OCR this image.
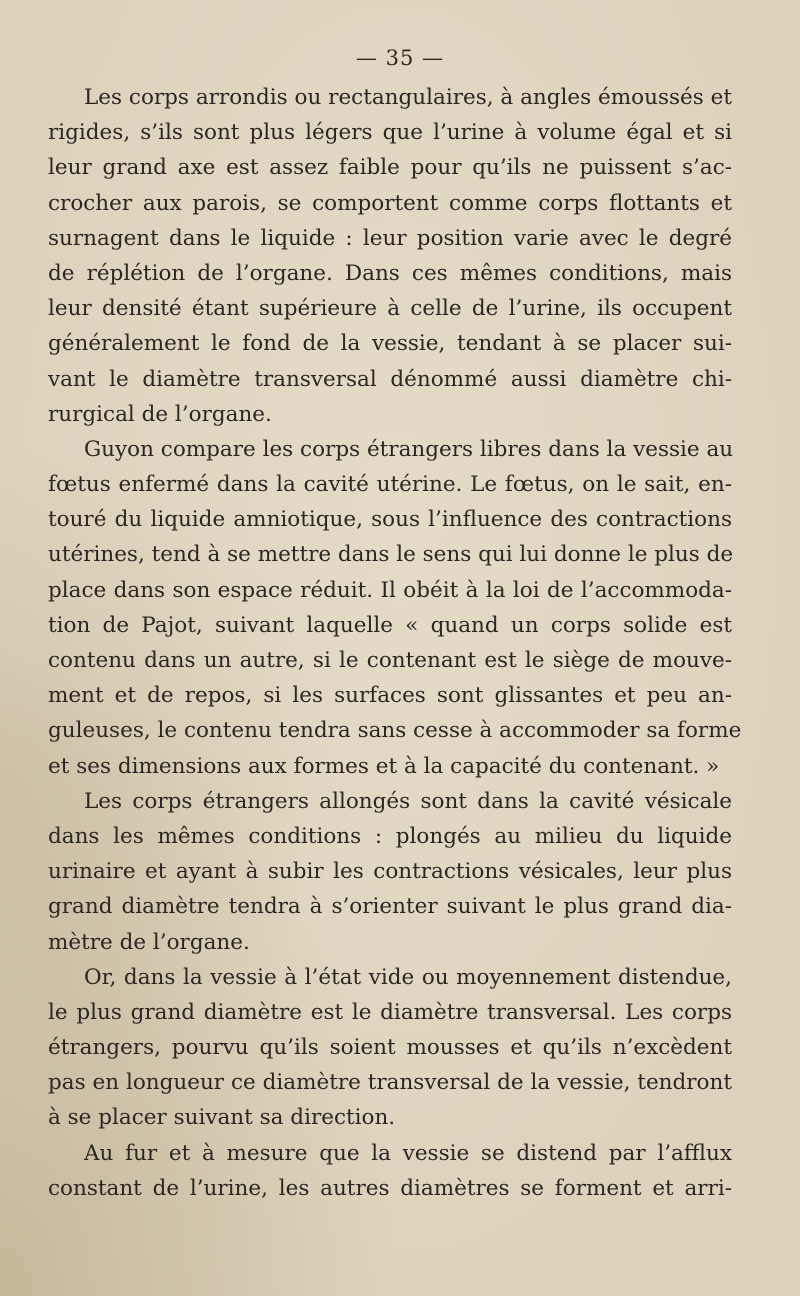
— 35 —
Les corps arrondis ou rectangulaires, à angles émoussés et
rigides, s’ils sont plus légers que l’urine à volume égal et si
leur grand axe est assez faible pour qu’ils ne puissent s’ac-
crocher aux parois, se comportent comme corps flottants et
surnagent dans le liquide : leur position varie avec le degré
de réplétion de l’organe. Dans ces mêmes conditions, mais
leur densité étant supérieure à celle de l’urine, ils occupent
généralement le fond de la vessie, tendant à se placer sui-
vant le diamètre transversal dénommé aussi diamètre chi-
rurgical de l’organe.
Guyon compare les corps étrangers libres dans la vessie au
fœtus enfermé dans la cavité utérine. Le fœtus, on le sait, en-
touré du liquide amniotique, sous l’influence des contractions
utérines, tend à se mettre dans le sens qui lui donne le plus de
place dans son espace réduit. Il obéit à la loi de l’accommoda-
tion de Pajot, suivant laquelle « quand un corps solide est
contenu dans un autre, si le contenant est le siège de mouve-
ment et de repos, si les surfaces sont glissantes et peu an-
guleuses, le contenu tendra sans cesse à accommoder sa forme
et ses dimensions aux formes et à la capacité du contenant. »
Les corps étrangers allongés sont dans la cavité vésicale
dans les mêmes conditions : plongés au milieu du liquide
urinaire et ayant à subir les contractions vésicales, leur plus
grand diamètre tendra à s’orienter suivant le plus grand dia-
mètre de l’organe.
Or, dans la vessie à l’état vide ou moyennement distendue,
le plus grand diamètre est le diamètre transversal. Les corps
étrangers, pourvu qu’ils soient mousses et qu’ils n’excèdent
pas en longueur ce diamètre transversal de la vessie, tendront
à se placer suivant sa direction.
Au fur et à mesure que la vessie se distend par l’afflux
constant de l’urine, les autres diamètres se forment et arri-
